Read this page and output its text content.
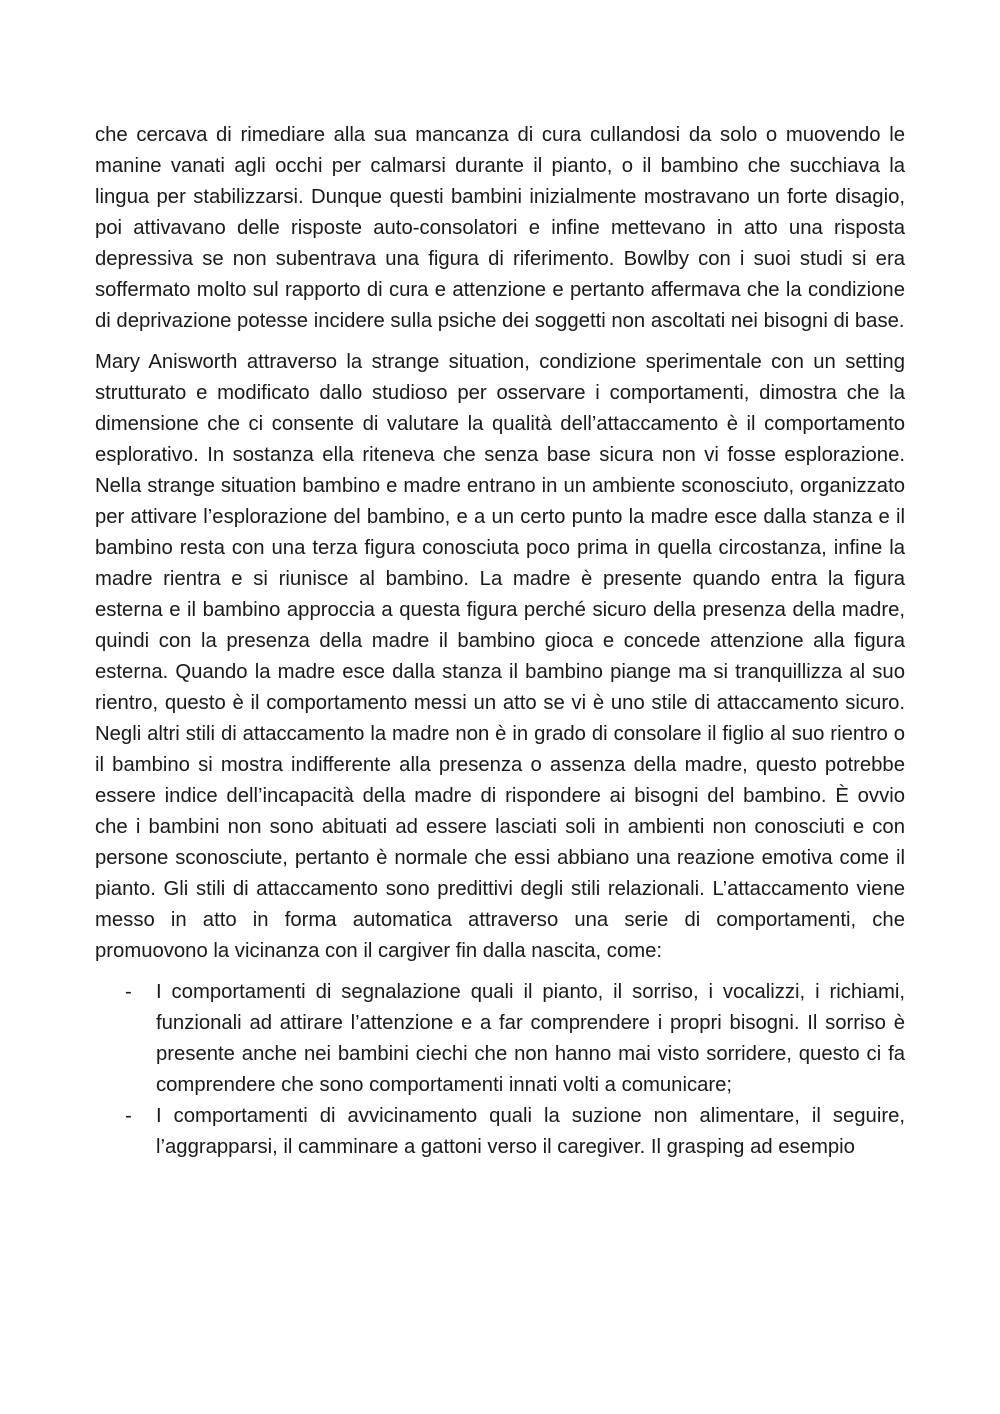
che cercava di rimediare alla sua mancanza di cura cullandosi da solo o muovendo le manine vanati agli occhi per calmarsi durante il pianto, o il bambino che succhiava la lingua per stabilizzarsi. Dunque questi bambini inizialmente mostravano un forte disagio, poi attivavano delle risposte auto-consolatori e infine mettevano in atto una risposta depressiva se non subentrava una figura di riferimento. Bowlby con i suoi studi si era soffermato molto sul rapporto di cura e attenzione e pertanto affermava che la condizione di deprivazione potesse incidere sulla psiche dei soggetti non ascoltati nei bisogni di base.

Mary Anisworth attraverso la strange situation, condizione sperimentale con un setting strutturato e modificato dallo studioso per osservare i comportamenti, dimostra che la dimensione che ci consente di valutare la qualità dell’attaccamento è il comportamento esplorativo. In sostanza ella riteneva che senza base sicura non vi fosse esplorazione. Nella strange situation bambino e madre entrano in un ambiente sconosciuto, organizzato per attivare l’esplorazione del bambino, e a un certo punto la madre esce dalla stanza e il bambino resta con una terza figura conosciuta poco prima in quella circostanza, infine la madre rientra e si riunisce al bambino. La madre è presente quando entra la figura esterna e il bambino approccia a questa figura perché sicuro della presenza della madre, quindi con la presenza della madre il bambino gioca e concede attenzione alla figura esterna. Quando la madre esce dalla stanza il bambino piange ma si tranquillizza al suo rientro, questo è il comportamento messi un atto se vi è uno stile di attaccamento sicuro. Negli altri stili di attaccamento la madre non è in grado di consolare il figlio al suo rientro o il bambino si mostra indifferente alla presenza o assenza della madre, questo potrebbe essere indice dell’incapacità della madre di rispondere ai bisogni del bambino. È ovvio che i bambini non sono abituati ad essere lasciati soli in ambienti non conosciuti e con persone sconosciute, pertanto è normale che essi abbiano una reazione emotiva come il pianto. Gli stili di attaccamento sono predittivi degli stili relazionali. L’attaccamento viene messo in atto in forma automatica attraverso una serie di comportamenti, che promuovono la vicinanza con il cargiver fin dalla nascita, come:

- I comportamenti di segnalazione quali il pianto, il sorriso, i vocalizzi, i richiami, funzionali ad attirare l’attenzione e a far comprendere i propri bisogni. Il sorriso è presente anche nei bambini ciechi che non hanno mai visto sorridere, questo ci fa comprendere che sono comportamenti innati volti a comunicare;
- I comportamenti di avvicinamento quali la suzione non alimentare, il seguire, l’aggrapparsi, il camminare a gattoni verso il caregiver. Il grasping ad esempio
